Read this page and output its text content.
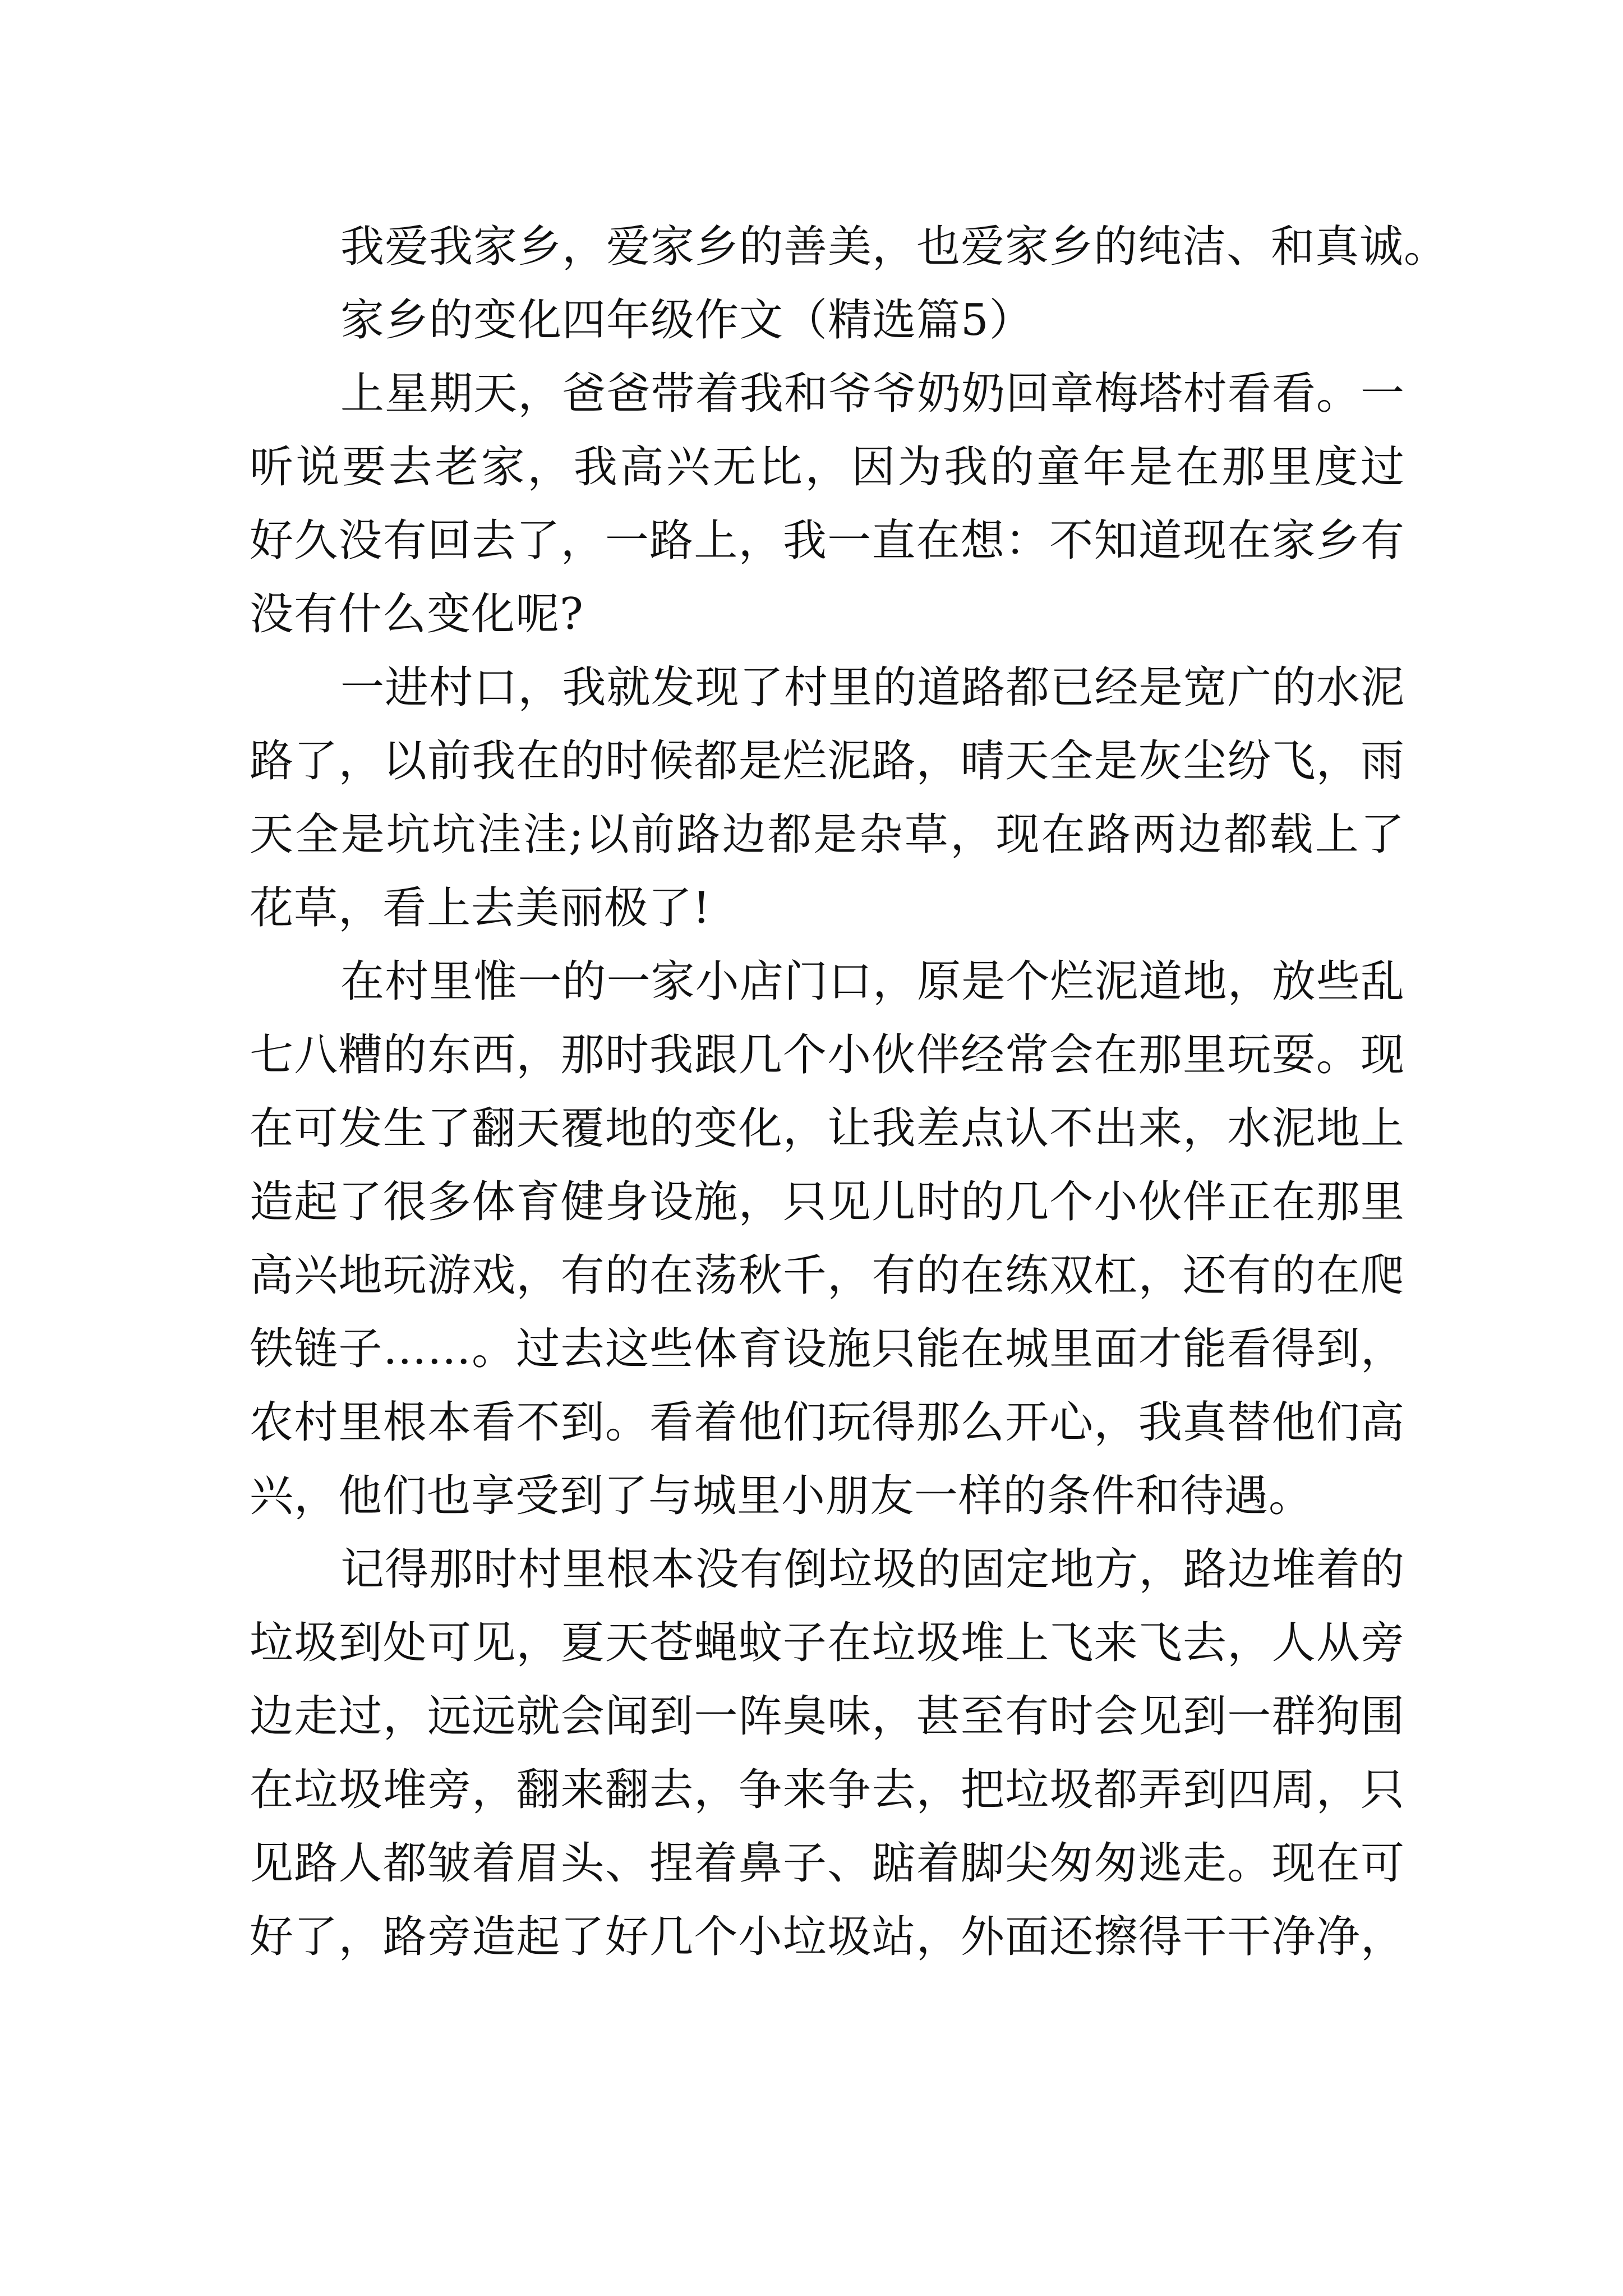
我爱我家乡，爱家乡的善美，也爱家乡的纯洁、和真诚。
家乡的变化四年级作文（精选篇5）
上星期天，爸爸带着我和爷爷奶奶回章梅塔村看看。一
听说要去老家，我高兴无比，因为我的童年是在那里度过
好久没有回去了，一路上，我一直在想：不知道现在家乡有
没有什么变化呢?
一进村口，我就发现了村里的道路都已经是宽广的水泥
路了，以前我在的时候都是烂泥路，晴天全是灰尘纷飞，雨
天全是坑坑洼洼;以前路边都是杂草，现在路两边都载上了
花草，看上去美丽极了!
在村里惟一的一家小店门口，原是个烂泥道地，放些乱
七八糟的东西，那时我跟几个小伙伴经常会在那里玩耍。现
在可发生了翻天覆地的变化，让我差点认不出来，水泥地上
造起了很多体育健身设施，只见儿时的几个小伙伴正在那里
高兴地玩游戏，有的在荡秋千，有的在练双杠，还有的在爬
铁链子……。过去这些体育设施只能在城里面才能看得到，
农村里根本看不到。看着他们玩得那么开心，我真替他们高
兴，他们也享受到了与城里小朋友一样的条件和待遇。
记得那时村里根本没有倒垃圾的固定地方，路边堆着的
垃圾到处可见，夏天苍蝇蚊子在垃圾堆上飞来飞去，人从旁
边走过，远远就会闻到一阵臭味，甚至有时会见到一群狗围
在垃圾堆旁，翻来翻去，争来争去，把垃圾都弄到四周，只
见路人都皱着眉头、捏着鼻子、踮着脚尖匆匆逃走。现在可
好了，路旁造起了好几个小垃圾站，外面还擦得干干净净，
